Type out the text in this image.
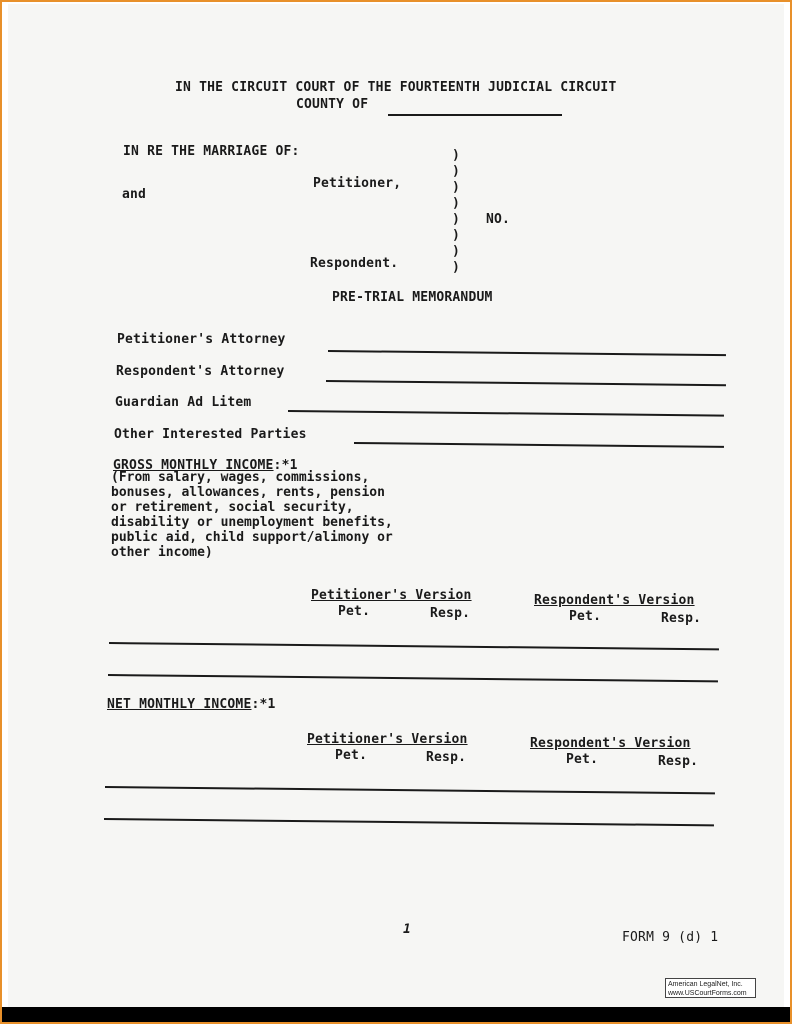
IN THE CIRCUIT COURT OF THE FOURTEENTH JUDICIAL CIRCUIT
COUNTY OF
IN RE THE MARRIAGE OF:
Petitioner,
and
NO.
Respondent.
)
)
)
)
)
)
)
)
PRE-TRIAL MEMORANDUM
Petitioner's Attorney
Respondent's Attorney
Guardian Ad Litem
Other Interested Parties
GROSS MONTHLY INCOME:*1
(From salary, wages, commissions,
bonuses, allowances, rents, pension
or retirement, social security,
disability or unemployment benefits,
public aid, child support/alimony or
other income)
Petitioner's Version
Pet.	Resp.
Respondent's Version
Pet.	Resp.
NET MONTHLY INCOME:*1
Petitioner's Version
Pet.	Resp.
Respondent's Version
Pet.	Resp.
1
FORM 9 (d) 1
American LegalNet, Inc.
www.USCourtForms.com
